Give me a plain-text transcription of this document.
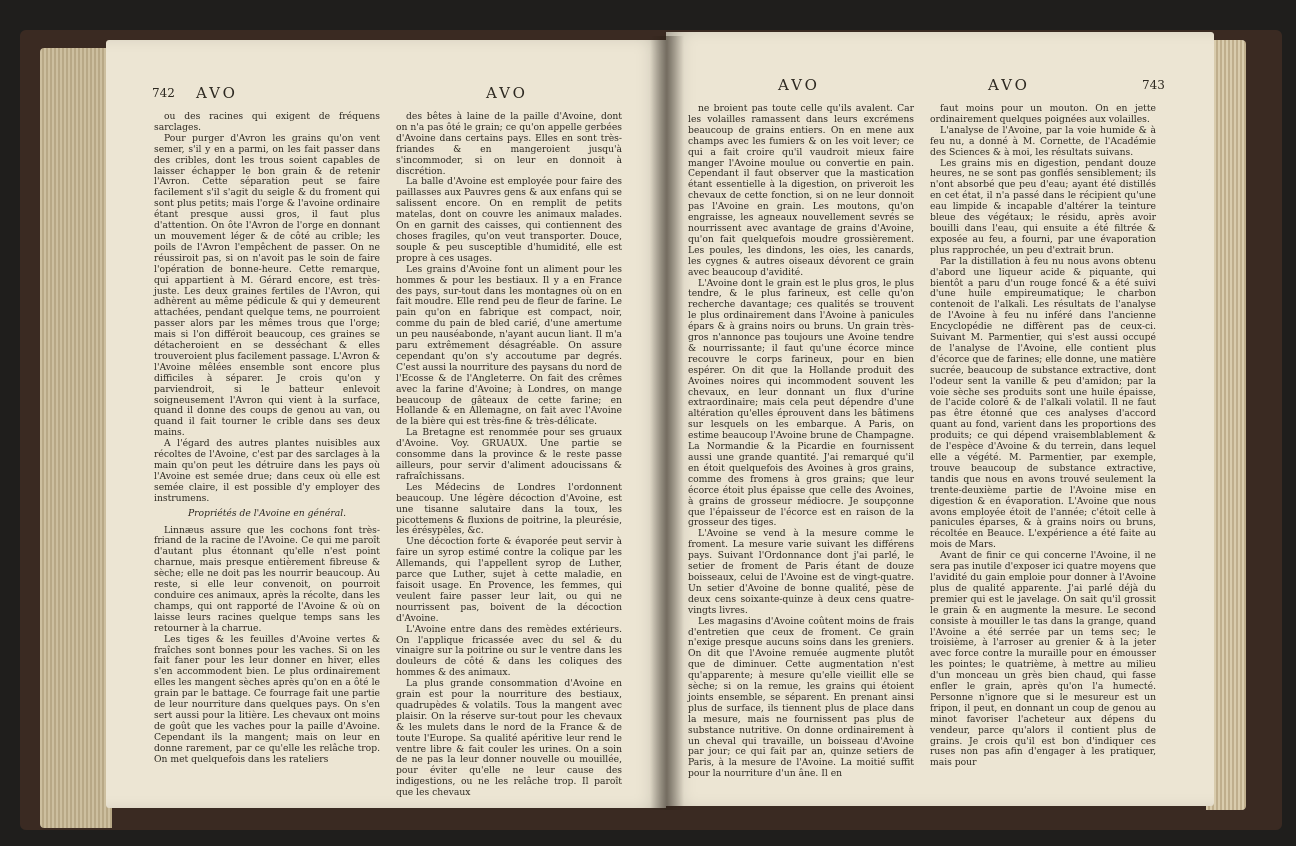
742 AVO	AVO

ou des racines qui exigent de fréquens sarclages.

Pour purger d'Avron les grains qu'on vent semer, s'il y en a parmi, on les fait passer dans des cribles, dont les trous soient capables de laisser échapper le bon grain & de retenir l'Avron. Cette séparation peut se faire facilement s'il s'agit du seigle & du froment qui sont plus petits; mais l'orge & l'avoine ordinaire étant presque aussi gros, il faut plus d'attention. On ôte l'Avron de l'orge en donnant un mouvement léger & de côté au crible; les poils de l'Avron l'empêchent de passer. On ne réussiroit pas, si on n'avoit pas le soin de faire l'opération de bonne-heure. Cette remarque, qui appartient à M. Gérard encore, est très-juste. Les deux graines fertiles de l'Avron, qui adhèrent au même pédicule & qui y demeurent attachées, pendant quelque tems, ne pourroient passer alors par les mêmes trous que l'orge; mais si l'on différoit beaucoup, ces graines se détacheroient en se desséchant & elles trouveroient plus facilement passage. L'Avron & l'Avoine mêlées ensemble sont encore plus difficiles à séparer. Je crois qu'on y parviendroit, si le batteur enlevoit soigneusement l'Avron qui vient à la surface, quand il donne des coups de genou au van, ou quand il fait tourner le crible dans ses deux mains.

A l'égard des autres plantes nuisibles aux récoltes de l'Avoine, c'est par des sarclages à la main qu'on peut les détruire dans les pays où l'Avoine est semée drue; dans ceux où elle est semée claire, il est possible d'y employer des instrumens.

Propriétés de l'Avoine en général.

Linnæus assure que les cochons font très-friand de la racine de l'Avoine. Ce qui me paroît d'autant plus étonnant qu'elle n'est point charnue, mais presque entièrement fibreuse & sèche; elle ne doit pas les nourrir beaucoup. Au reste, si elle leur convenoit, on pourroit conduire ces animaux, après la récolte, dans les champs, qui ont rapporté de l'Avoine & où on laisse leurs racines quelque temps sans les retourner à la charrue.

Les tiges & les feuilles d'Avoine vertes & fraîches sont bonnes pour les vaches. Si on les fait faner pour les leur donner en hiver, elles s'en accommodent bien. Le plus ordinairement elles les mangent sèches après qu'on en a ôté le grain par le battage. Ce fourrage fait une partie de leur nourriture dans quelques pays. On s'en sert aussi pour la litière. Les chevaux ont moins de goût que les vaches pour la paille d'Avoine. Cependant ils la mangent; mais on leur en donne rarement, par ce qu'elle les relâche trop. On met quelquefois dans les rateliers

des bêtes à laine de la paille d'Avoine, dont on n'a pas ôté le grain; ce qu'on appelle gerbées d'Avoine dans certains pays. Elles en sont très-friandes & en mangeroient jusqu'à s'incommoder, si on leur en donnoit à discrétion.

La balle d'Avoine est employée pour faire des paillasses aux Pauvres gens & aux enfans qui se salissent encore. On en remplit de petits matelas, dont on couvre les animaux malades. On en garnit des caisses, qui contiennent des choses fragiles, qu'on veut transporter. Douce, souple & peu susceptible d'humidité, elle est propre à ces usages.

Les grains d'Avoine font un aliment pour les hommes & pour les bestiaux. Il y a en France des pays, sur-tout dans les montagnes où on en fait moudre. Elle rend peu de fleur de farine. Le pain qu'on en fabrique est compact, noir, comme du pain de bled carié, d'une amertume un peu nauséabonde, n'ayant aucun liant. Il m'a paru extrêmement désagréable. On assure cependant qu'on s'y accoutume par degrés. C'est aussi la nourriture des paysans du nord de l'Ecosse & de l'Angleterre. On fait des crêmes avec la farine d'Avoine; à Londres, on mange beaucoup de gâteaux de cette farine; en Hollande & en Allemagne, on fait avec l'Avoine de la bière qui est très-fine & très-délicate.

La Bretagne est renommée pour ses gruaux d'Avoine. Voy. GRUAUX. Une partie se consomme dans la province & le reste passe ailleurs, pour servir d'aliment adoucissans & rafraîchissans.

Les Médecins de Londres l'ordonnent beaucoup. Une légère décoction d'Avoine, est une tisanne salutaire dans la toux, les picottemens & fluxions de poitrine, la pleurésie, les érésypèles, &c.

Une décoction forte & évaporée peut servir à faire un syrop estimé contre la colique par les Allemands, qui l'appellent syrop de Luther, parce que Luther, sujet à cette maladie, en faisoit usage. En Provence, les femmes, qui veulent faire passer leur lait, ou qui ne nourrissent pas, boivent de la décoction d'Avoine.

L'Avoine entre dans des remèdes extérieurs. On l'applique fricassée avec du sel & du vinaigre sur la poitrine ou sur le ventre dans les douleurs de côté & dans les coliques des hommes & des animaux.

La plus grande consommation d'Avoine en grain est pour la nourriture des bestiaux, quadrupèdes & volatils. Tous la mangent avec plaisir. On la réserve sur-tout pour les chevaux & les mulets dans le nord de la France & de toute l'Europe. Sa qualité apéritive leur rend le ventre libre & fait couler les urines. On a soin de ne pas la leur donner nouvelle ou mouillée, pour éviter qu'elle ne leur cause des indigestions, ou ne les relâche trop. Il paroît que les chevaux

AVO	AVO	743

ne broient pas toute celle qu'ils avalent. Car les volailles ramassent dans leurs excrémens beaucoup de grains entiers. On en mene aux champs avec les fumiers & on les voit lever; ce qui a fait croire qu'il vaudroit mieux faire manger l'Avoine moulue ou convertie en pain. Cependant il faut observer que la mastication étant essentielle à la digestion, on priveroit les chevaux de cette fonction, si on ne leur donnoit pas l'Avoine en grain. Les moutons, qu'on engraisse, les agneaux nouvellement sevrés se nourrissent avec avantage de grains d'Avoine, qu'on fait quelquefois moudre grossièrement. Les poules, les dindons, les oies, les canards, les cygnes & autres oiseaux dévorent ce grain avec beaucoup d'avidité.

L'Avoine dont le grain est le plus gros, le plus tendre, & le plus farineux, est celle qu'on recherche davantage; ces qualités se trouvent le plus ordinairement dans l'Avoine à panicules épars & à grains noirs ou bruns. Un grain très-gros n'annonce pas toujours une Avoine tendre & nourrissante; il faut qu'une écorce mince recouvre le corps farineux, pour en bien espérer. On dit que la Hollande produit des Avoines noires qui incommodent souvent les chevaux, en leur donnant un flux d'urine extraordinaire; mais cela peut dépendre d'une altération qu'elles éprouvent dans les bâtimens sur lesquels on les embarque. A Paris, on estime beaucoup l'Avoine brune de Champagne. La Normandie & la Picardie en fournissent aussi une grande quantité. J'ai remarqué qu'il en étoit quelquefois des Avoines à gros grains, comme des fromens à gros grains; que leur écorce étoit plus épaisse que celle des Avoines, à grains de grosseur médiocre. Je soupçonne que l'épaisseur de l'écorce est en raison de la grosseur des tiges.

L'Avoine se vend à la mesure comme le froment. La mesure varie suivant les différens pays. Suivant l'Ordonnance dont j'ai parlé, le setier de froment de Paris étant de douze boisseaux, celui de l'Avoine est de vingt-quatre. Un setier d'Avoine de bonne qualité, pèse de deux cens soixante-quinze à deux cens quatre-vingts livres.

Les magasins d'Avoine coûtent moins de frais d'entretien que ceux de froment. Ce grain n'exige presque aucuns soins dans les greniers. On dit que l'Avoine remuée augmente plutôt que de diminuer. Cette augmentation n'est qu'apparente; à mesure qu'elle vieillit elle se sèche; si on la remue, les grains qui étoient joints ensemble, se séparent. En prenant ainsi plus de surface, ils tiennent plus de place dans la mesure, mais ne fournissent pas plus de substance nutritive. On donne ordinairement à un cheval qui travaille, un boisseau d'Avoine par jour; ce qui fait par an, quinze setiers de Paris, à la mesure de l'Avoine. La moitié suffit pour la nourriture d'un âne. Il en

faut moins pour un mouton. On en jette ordinairement quelques poignées aux volailles.

L'analyse de l'Avoine, par la voie humide & à feu nu, a donné à M. Cornette, de l'Académie des Sciences & à moi, les résultats suivans.

Les grains mis en digestion, pendant douze heures, ne se sont pas gonflés sensiblement; ils n'ont absorbé que peu d'eau; ayant été distillés en cet état, il n'a passé dans le récipient qu'une eau limpide & incapable d'altérer la teinture bleue des végétaux; le résidu, après avoir bouilli dans l'eau, qui ensuite a été filtrée & exposée au feu, a fourni, par une évaporation plus rapprochée, un peu d'extrait brun.

Par la distillation à feu nu nous avons obtenu d'abord une liqueur acide & piquante, qui bientôt a paru d'un rouge foncé & a été suivi d'une huile empireumatique; le charbon contenoit de l'alkali. Les résultats de l'analyse de l'Avoine à feu nu inféré dans l'ancienne Encyclopédie ne diffèrent pas de ceux-ci. Suivant M. Parmentier, qui s'est aussi occupé de l'analyse de l'Avoine, elle contient plus d'écorce que de farines; elle donne, une matière sucrée, beaucoup de substance extractive, dont l'odeur sent la vanille & peu d'amidon; par la voie sèche ses produits sont une huile épaisse, de l'acide coloré & de l'alkali volatil. Il ne faut pas être étonné que ces analyses d'accord quant au fond, varient dans les proportions des produits; ce qui dépend vraisemblablement & de l'espèce d'Avoine & du terrein, dans lequel elle a végété. M. Parmentier, par exemple, trouve beaucoup de substance extractive, tandis que nous en avons trouvé seulement la trente-deuxième partie de l'Avoine mise en digestion & en évaporation. L'Avoine que nous avons employée étoit de l'année; c'étoit celle à panicules éparses, & à grains noirs ou bruns, récoltée en Beauce. L'expérience a été faite au mois de Mars.

Avant de finir ce qui concerne l'Avoine, il ne sera pas inutile d'exposer ici quatre moyens que l'avidité du gain emploie pour donner à l'Avoine plus de qualité apparente. J'ai parlé déjà du premier qui est le javelage. On sait qu'il grossit le grain & en augmente la mesure. Le second consiste à mouiller le tas dans la grange, quand l'Avoine a été serrée par un tems sec; le troisième, à l'arroser au grenier & à la jeter avec force contre la muraille pour en émousser les pointes; le quatrième, à mettre au milieu d'un monceau un grès bien chaud, qui fasse enfler le grain, après qu'on l'a humecté. Personne n'ignore que si le mesureur est un fripon, il peut, en donnant un coup de genou au minot favoriser l'acheteur aux dépens du vendeur, parce qu'alors il contient plus de grains. Je crois qu'il est bon d'indiquer ces ruses non pas afin d'engager à les pratiquer, mais pour
